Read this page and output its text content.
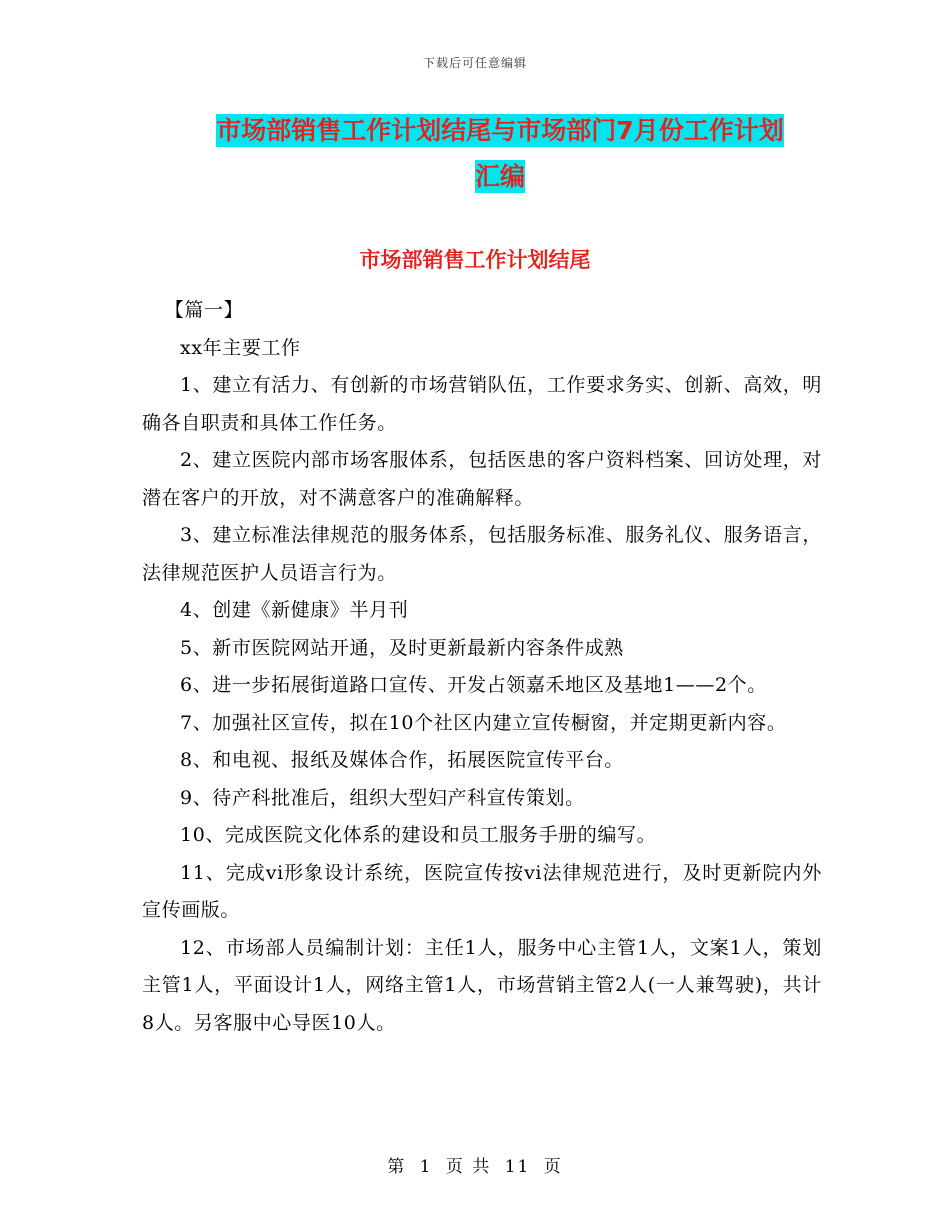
下载后可任意编辑
市场部销售工作计划结尾与市场部门7月份工作计划
汇编
市场部销售工作计划结尾

【篇一】

xx年主要工作

1、建立有活力、有创新的市场营销队伍，工作要求务实、创新、高效，明确各自职责和具体工作任务。

2、建立医院内部市场客服体系，包括医患的客户资料档案、回访处理，对潜在客户的开放，对不满意客户的准确解释。

3、建立标准法律规范的服务体系，包括服务标准、服务礼仪、服务语言，法律规范医护人员语言行为。

4、创建《新健康》半月刊

5、新市医院网站开通，及时更新最新内容条件成熟

6、进一步拓展街道路口宣传、开发占领嘉禾地区及基地1——2个。

7、加强社区宣传，拟在10个社区内建立宣传橱窗，并定期更新内容。

8、和电视、报纸及媒体合作，拓展医院宣传平台。

9、待产科批准后，组织大型妇产科宣传策划。

10、完成医院文化体系的建设和员工服务手册的编写。

11、完成vi形象设计系统，医院宣传按vi法律规范进行，及时更新院内外宣传画版。

12、市场部人员编制计划：主任1人，服务中心主管1人，文案1人，策划主管1人，平面设计1人，网络主管1人，市场营销主管2人(一人兼驾驶)，共计8人。另客服中心导医10人。

第 1 页 共 11 页
